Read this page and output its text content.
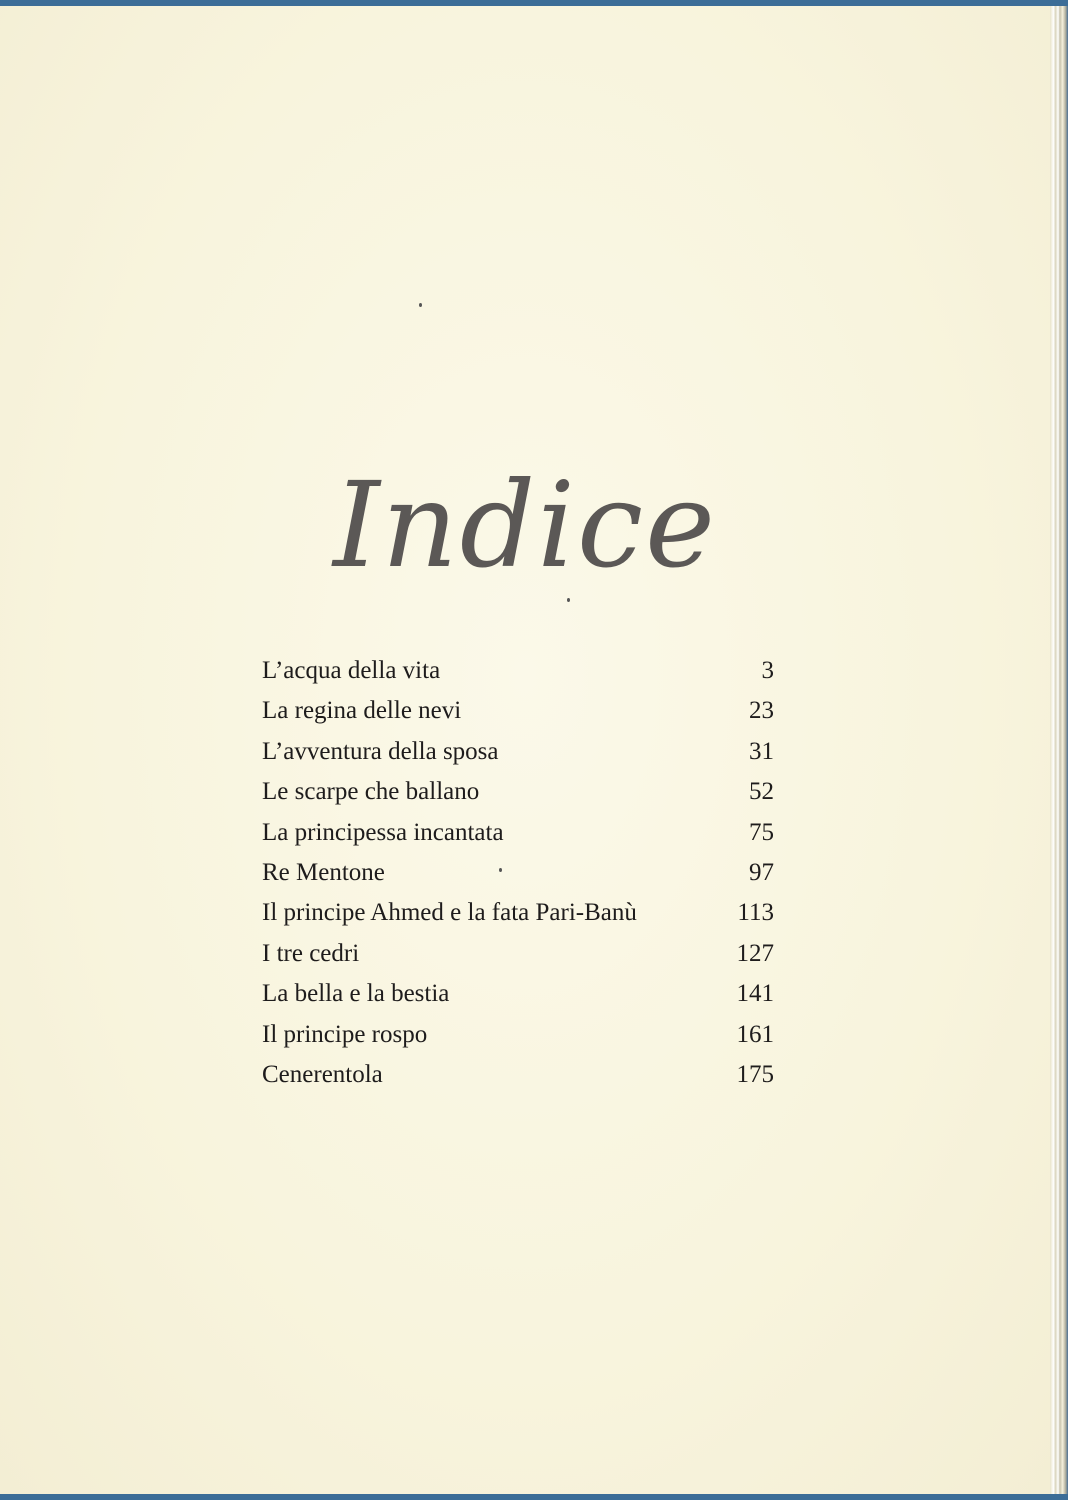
Indice
L’acqua della vita	3
La regina delle nevi	23
L’avventura della sposa	31
Le scarpe che ballano	52
La principessa incantata	75
Re Mentone	97
Il principe Ahmed e la fata Pari-Banù	113
I tre cedri	127
La bella e la bestia	141
Il principe rospo	161
Cenerentola	175
